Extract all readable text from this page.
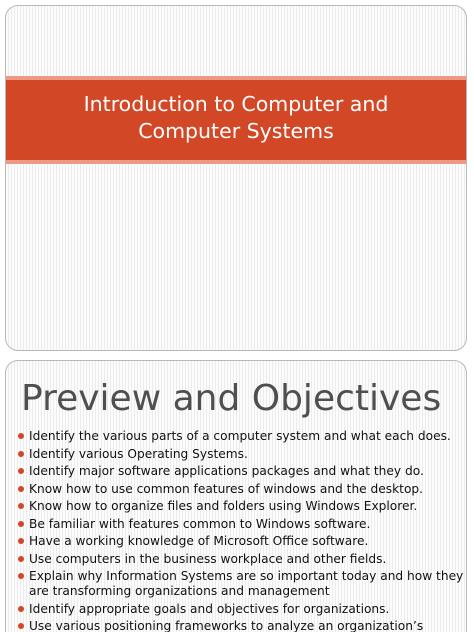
Introduction to Computer and Computer Systems
Preview and Objectives
Identify the various parts of a computer system and what each does.
Identify various Operating Systems.
Identify major software applications packages and what they do.
Know how to use common features of windows and the desktop.
Know how to organize files and folders using Windows Explorer.
Be familiar with features common to Windows software.
Have a working knowledge of Microsoft Office software.
Use computers in the business workplace and other fields.
Explain why Information Systems are so important today and how they are transforming organizations and management
Identify appropriate goals and objectives for organizations.
Use various positioning frameworks to analyze an organization’s
